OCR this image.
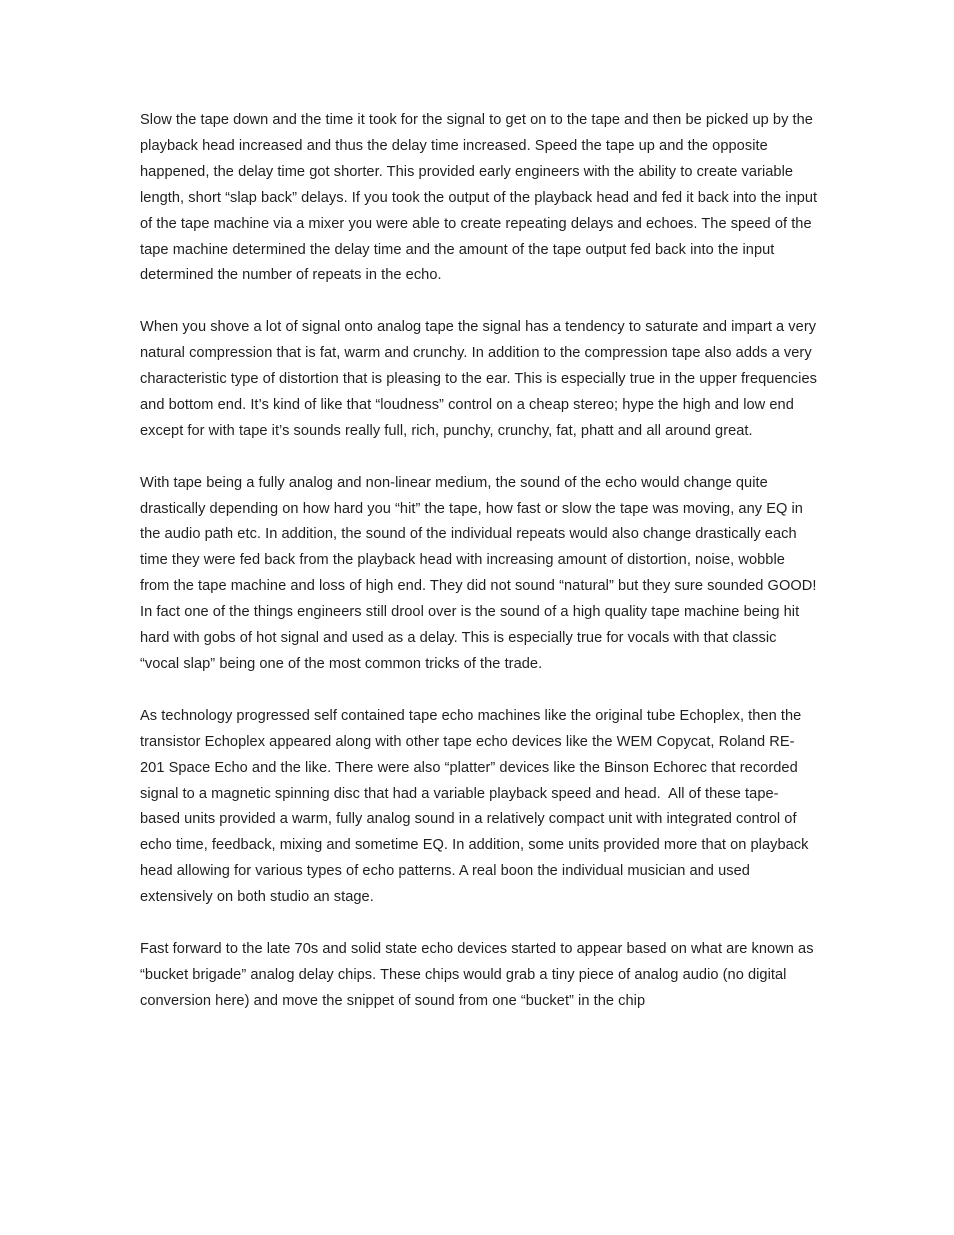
Slow the tape down and the time it took for the signal to get on to the tape and then be picked up by the playback head increased and thus the delay time increased. Speed the tape up and the opposite happened, the delay time got shorter. This provided early engineers with the ability to create variable length, short “slap back” delays. If you took the output of the playback head and fed it back into the input of the tape machine via a mixer you were able to create repeating delays and echoes. The speed of the tape machine determined the delay time and the amount of the tape output fed back into the input determined the number of repeats in the echo.

When you shove a lot of signal onto analog tape the signal has a tendency to saturate and impart a very natural compression that is fat, warm and crunchy. In addition to the compression tape also adds a very characteristic type of distortion that is pleasing to the ear. This is especially true in the upper frequencies and bottom end. It’s kind of like that “loudness” control on a cheap stereo; hype the high and low end except for with tape it’s sounds really full, rich, punchy, crunchy, fat, phatt and all around great.

With tape being a fully analog and non-linear medium, the sound of the echo would change quite drastically depending on how hard you “hit” the tape, how fast or slow the tape was moving, any EQ in the audio path etc. In addition, the sound of the individual repeats would also change drastically each time they were fed back from the playback head with increasing amount of distortion, noise, wobble from the tape machine and loss of high end. They did not sound “natural” but they sure sounded GOOD! In fact one of the things engineers still drool over is the sound of a high quality tape machine being hit hard with gobs of hot signal and used as a delay. This is especially true for vocals with that classic “vocal slap” being one of the most common tricks of the trade.

As technology progressed self contained tape echo machines like the original tube Echoplex, then the transistor Echoplex appeared along with other tape echo devices like the WEM Copycat, Roland RE-201 Space Echo and the like. There were also “platter” devices like the Binson Echorec that recorded signal to a magnetic spinning disc that had a variable playback speed and head.  All of these tape-based units provided a warm, fully analog sound in a relatively compact unit with integrated control of echo time, feedback, mixing and sometime EQ. In addition, some units provided more that on playback head allowing for various types of echo patterns. A real boon the individual musician and used extensively on both studio an stage.

Fast forward to the late 70s and solid state echo devices started to appear based on what are known as “bucket brigade” analog delay chips. These chips would grab a tiny piece of analog audio (no digital conversion here) and move the snippet of sound from one “bucket” in the chip
